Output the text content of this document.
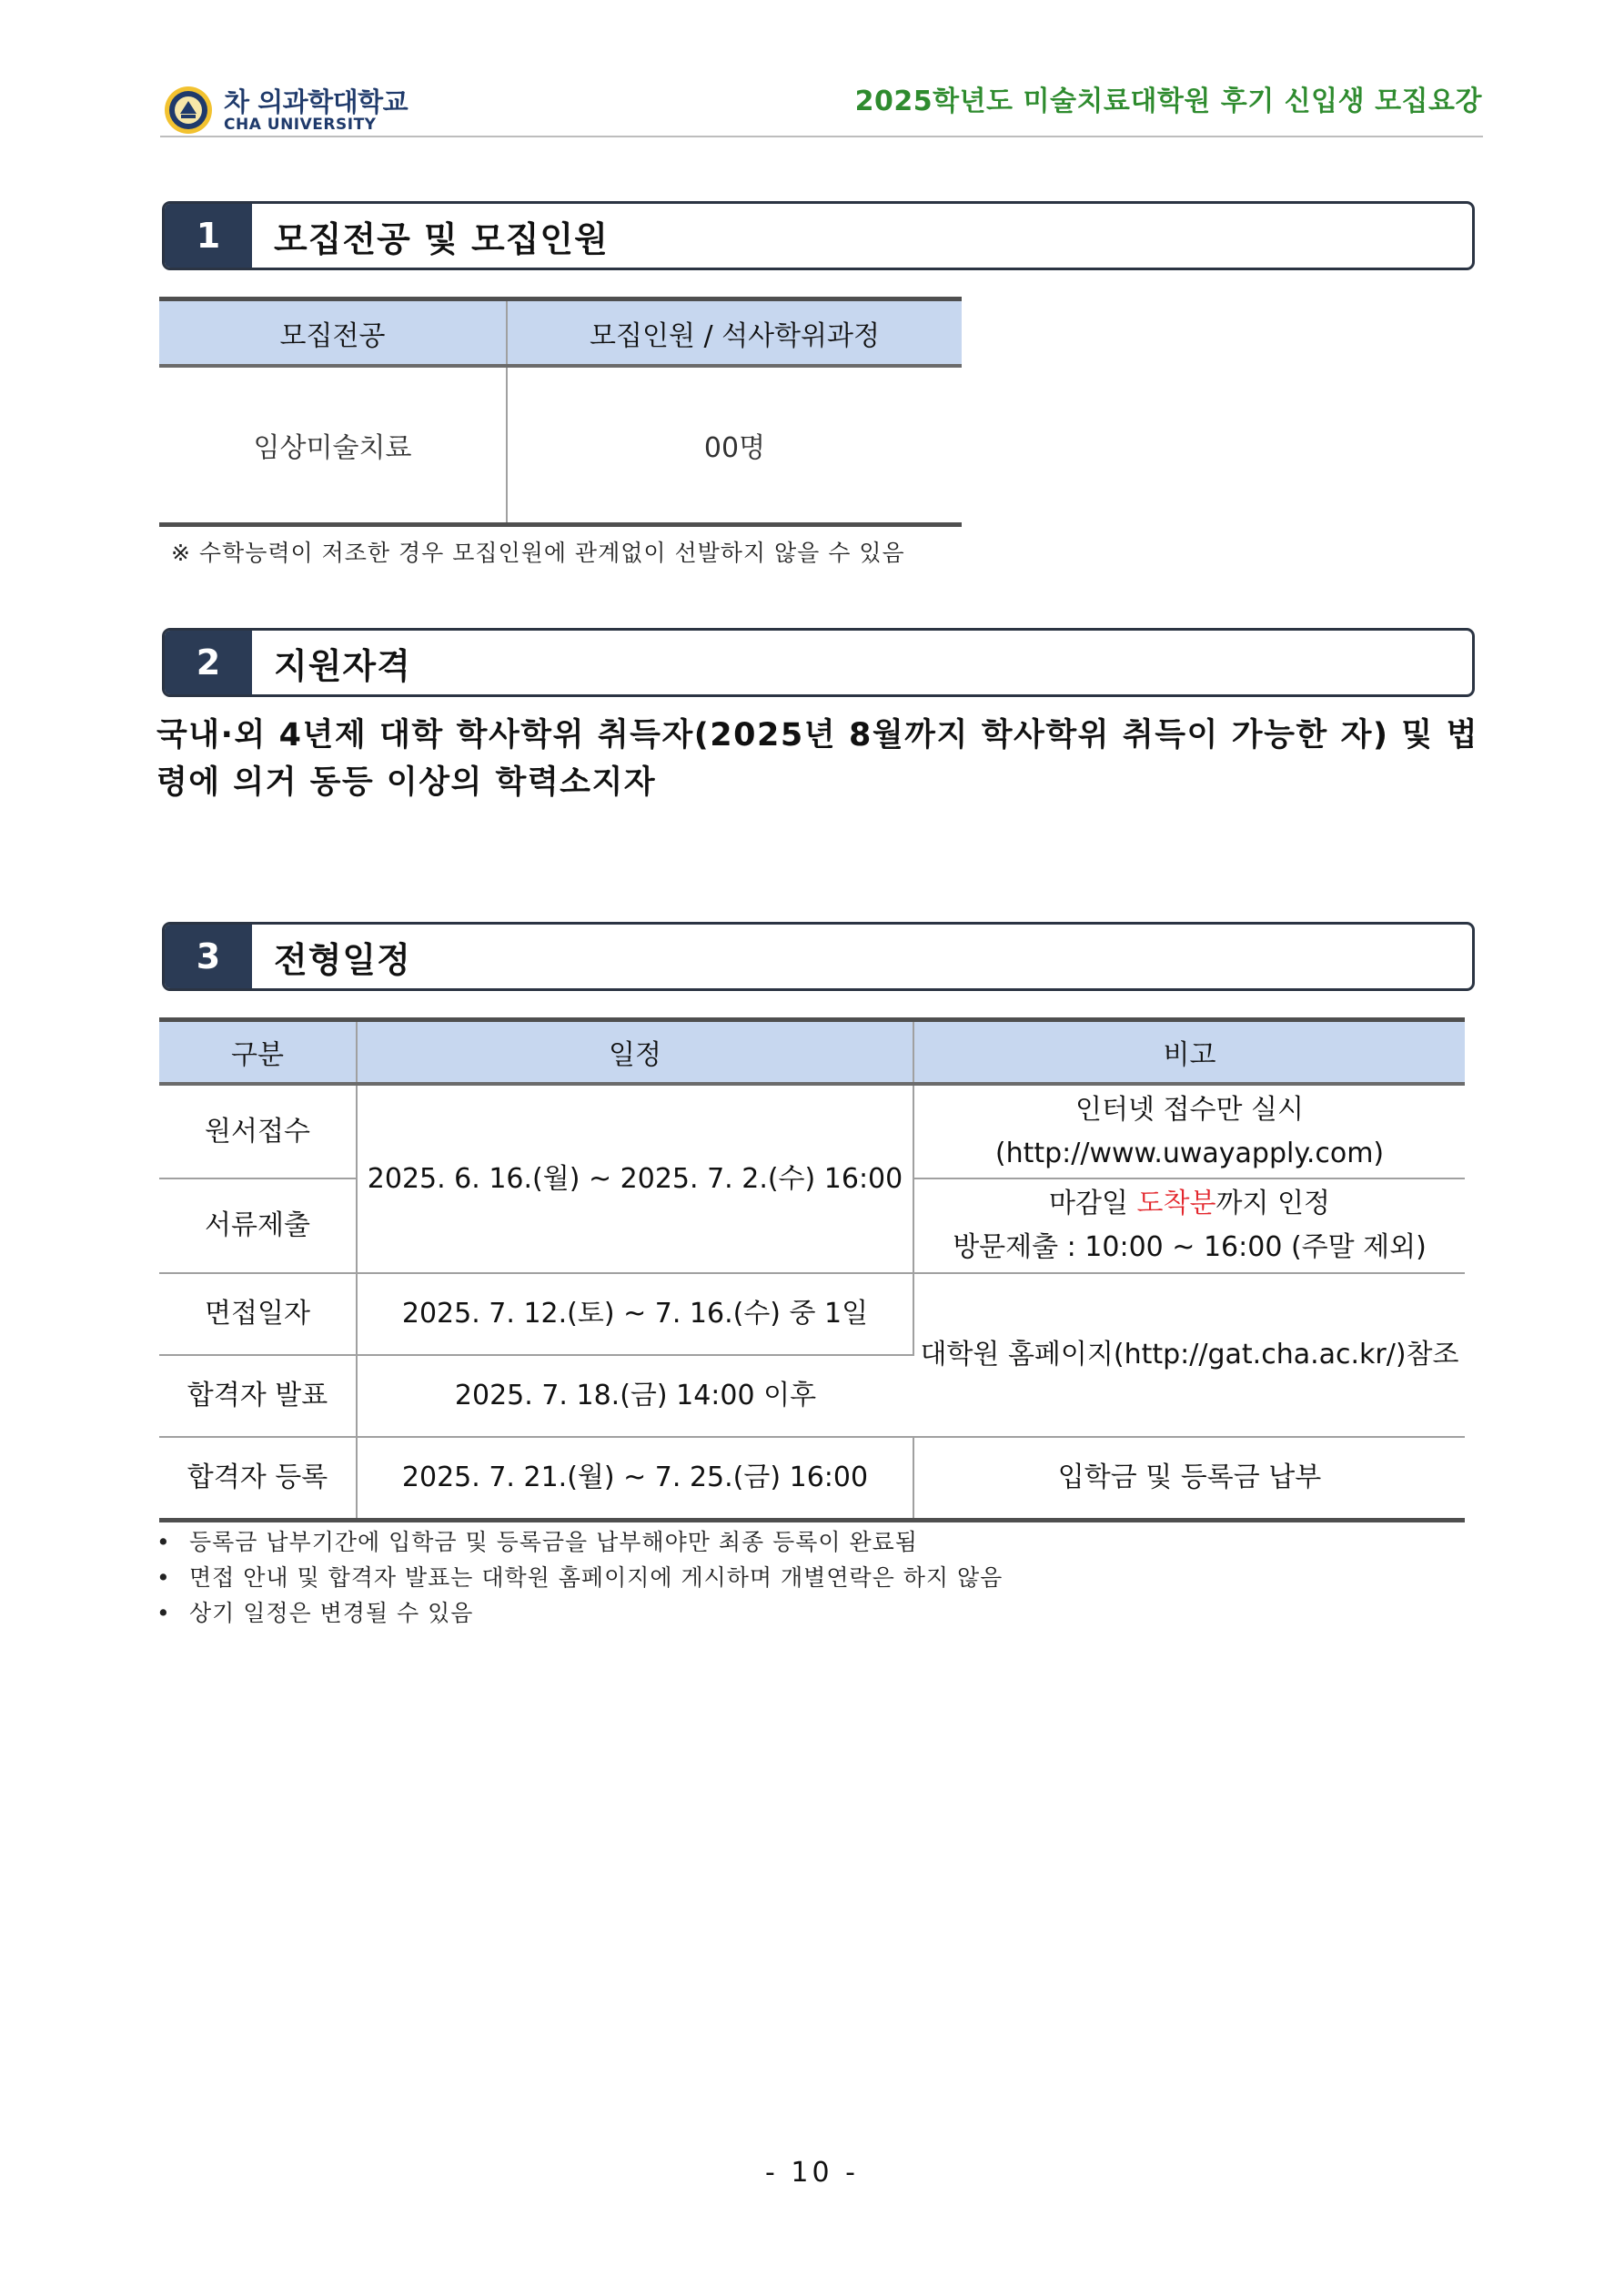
차 의과학대학교
CHA UNIVERSITY
2025학년도 미술치료대학원 후기 신입생 모집요강
1	모집전공 및 모집인원
모집전공	모집인원 / 석사학위과정
임상미술치료	00명
※ 수학능력이 저조한 경우 모집인원에 관계없이 선발하지 않을 수 있음
2	지원자격
국내·외 4년제 대학 학사학위 취득자(2025년 8월까지 학사학위 취득이 가능한 자) 및 법령에 의거 동등 이상의 학력소지자
3	전형일정
구분	일정	비고
원서접수	2025. 6. 16.(월) ~ 2025. 7. 2.(수) 16:00	인터넷 접수만 실시
(http://www.uwayapply.com)

서류제출		마감일 도착분까지 인정
방문제출 : 10:00 ~ 16:00 (주말 제외)

면접일자	2025. 7. 12.(토) ~ 7. 16.(수) 중 1일	대학원 홈페이지(http://gat.cha.ac.kr/)참조
합격자 발표	2025. 7. 18.(금) 14:00 이후	
합격자 등록	2025. 7. 21.(월) ~ 7. 25.(금) 16:00	입학금 및 등록금 납부
• 등록금 납부기간에 입학금 및 등록금을 납부해야만 최종 등록이 완료됨
• 면접 안내 및 합격자 발표는 대학원 홈페이지에 게시하며 개별연락은 하지 않음
• 상기 일정은 변경될 수 있음
- 10 -
